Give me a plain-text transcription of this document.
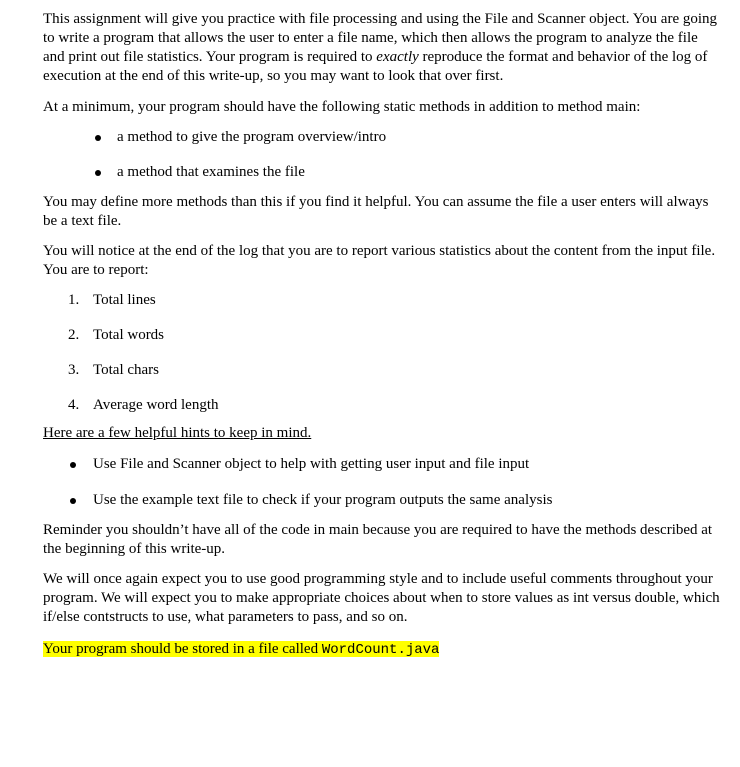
This assignment will give you practice with file processing and using the File and Scanner object. You are going to write a program that allows the user to enter a file name, which then allows the program to analyze the file and print out file statistics. Your program is required to exactly reproduce the format and behavior of the log of execution at the end of this write-up, so you may want to look that over first.

At a minimum, your program should have the following static methods in addition to method main:

a method to give the program overview/intro
a method that examines the file

You may define more methods than this if you find it helpful. You can assume the file a user enters will always be a text file.

You will notice at the end of the log that you are to report various statistics about the content from the input file. You are to report:

1. Total lines
2. Total words
3. Total chars
4. Average word length

Here are a few helpful hints to keep in mind.

Use File and Scanner object to help with getting user input and file input
Use the example text file to check if your program outputs the same analysis

Reminder you shouldn’t have all of the code in main because you are required to have the methods described at the beginning of this write-up.

We will once again expect you to use good programming style and to include useful comments throughout your program. We will expect you to make appropriate choices about when to store values as int versus double, which if/else contstructs to use, what parameters to pass, and so on.

Your program should be stored in a file called WordCount.java
